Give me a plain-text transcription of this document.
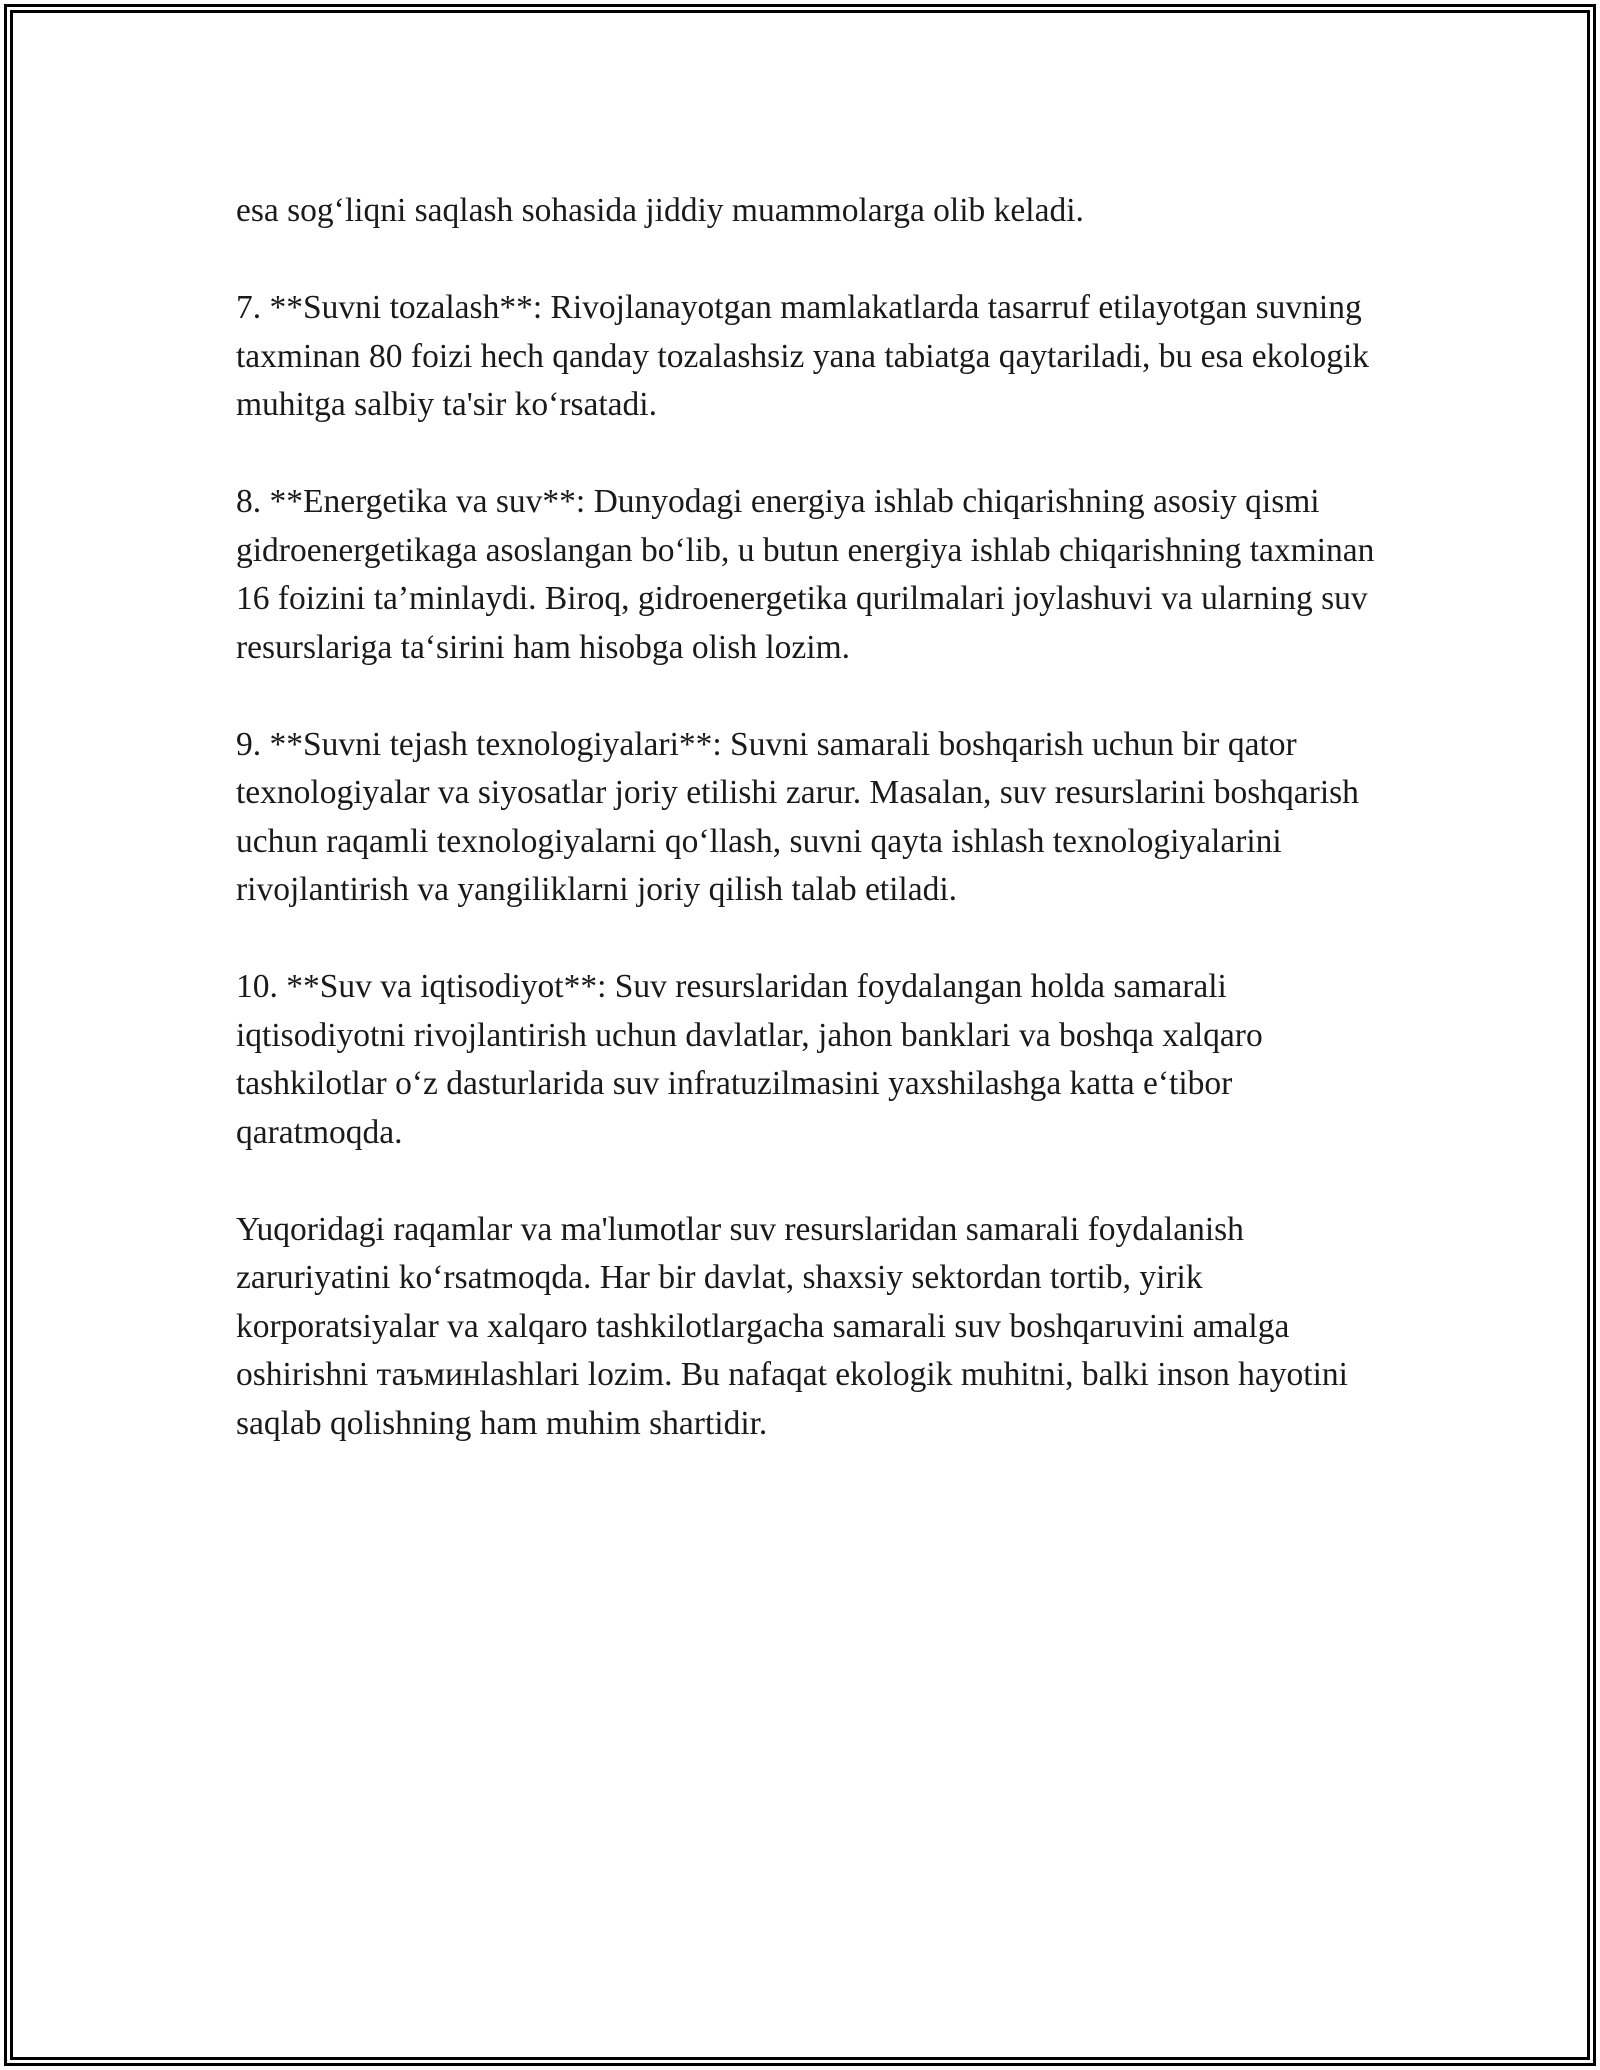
esa sog‘liqni saqlash sohasida jiddiy muammolarga olib keladi.

7. **Suvni tozalash**: Rivojlanayotgan mamlakatlarda tasarruf etilayotgan suvning taxminan 80 foizi hech qanday tozalashsiz yana tabiatga qaytariladi, bu esa ekologik muhitga salbiy ta'sir ko‘rsatadi.

8. **Energetika va suv**: Dunyodagi energiya ishlab chiqarishning asosiy qismi gidroenergetikaga asoslangan bo‘lib, u butun energiya ishlab chiqarishning taxminan 16 foizini ta’minlaydi. Biroq, gidroenergetika qurilmalari joylashuvi va ularning suv resurslariga ta‘sirini ham hisobga olish lozim.

9. **Suvni tejash texnologiyalari**: Suvni samarali boshqarish uchun bir qator texnologiyalar va siyosatlar joriy etilishi zarur. Masalan, suv resurslarini boshqarish uchun raqamli texnologiyalarni qo‘llash, suvni qayta ishlash texnologiyalarini rivojlantirish va yangiliklarni joriy qilish talab etiladi.

10. **Suv va iqtisodiyot**: Suv resurslaridan foydalangan holda samarali iqtisodiyotni rivojlantirish uchun davlatlar, jahon banklari va boshqa xalqaro tashkilotlar o‘z dasturlarida suv infratuzilmasini yaxshilashga katta e‘tibor qaratmoqda.

Yuqoridagi raqamlar va ma'lumotlar suv resurslaridan samarali foydalanish zaruriyatini ko‘rsatmoqda. Har bir davlat, shaxsiy sektordan tortib, yirik korporatsiyalar va xalqaro tashkilotlargacha samarali suv boshqaruvini amalga oshirishni таъминlashlari lozim. Bu nafaqat ekologik muhitni, balki inson hayotini saqlab qolishning ham muhim shartidir.
